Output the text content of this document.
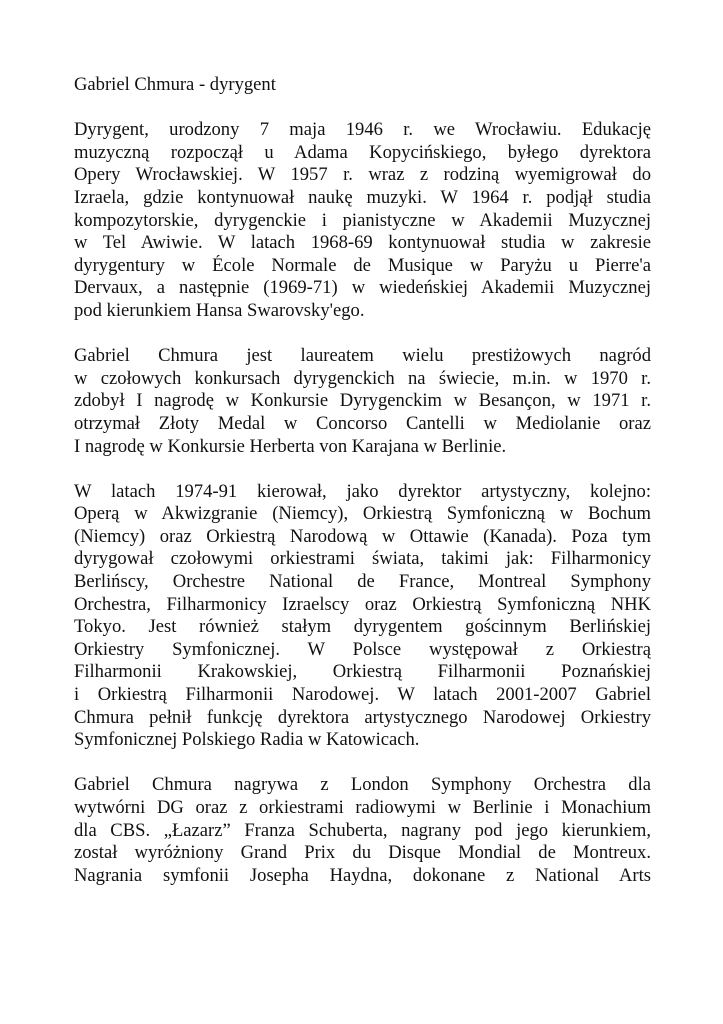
Gabriel Chmura - dyrygent
Dyrygent, urodzony 7 maja 1946 r. we Wrocławiu. Edukację
muzyczną rozpoczął u Adama Kopycińskiego, byłego dyrektora
Opery Wrocławskiej. W 1957 r. wraz z rodziną wyemigrował do
Izraela, gdzie kontynuował naukę muzyki. W 1964 r. podjął studia
kompozytorskie, dyrygenckie i pianistyczne w Akademii Muzycznej
w Tel Awiwie. W latach 1968-69 kontynuował studia w zakresie
dyrygentury w École Normale de Musique w Paryżu u Pierre'a
Dervaux, a następnie (1969-71) w wiedeńskiej Akademii Muzycznej
pod kierunkiem Hansa Swarovsky'ego.
Gabriel Chmura jest laureatem wielu prestiżowych nagród
w czołowych konkursach dyrygenckich na świecie, m.in. w 1970 r.
zdobył I nagrodę w Konkursie Dyrygenckim w Besançon, w 1971 r.
otrzymał Złoty Medal w Concorso Cantelli w Mediolanie oraz
I nagrodę w Konkursie Herberta von Karajana w Berlinie.
W latach 1974-91 kierował, jako dyrektor artystyczny, kolejno:
Operą w Akwizgranie (Niemcy), Orkiestrą Symfoniczną w Bochum
(Niemcy) oraz Orkiestrą Narodową w Ottawie (Kanada). Poza tym
dyrygował czołowymi orkiestrami świata, takimi jak: Filharmonicy
Berlińscy, Orchestre National de France, Montreal Symphony
Orchestra, Filharmonicy Izraelscy oraz Orkiestrą Symfoniczną NHK
Tokyo. Jest również stałym dyrygentem gościnnym Berlińskiej
Orkiestry Symfonicznej. W Polsce występował z Orkiestrą
Filharmonii Krakowskiej, Orkiestrą Filharmonii Poznańskiej
i Orkiestrą Filharmonii Narodowej. W latach 2001-2007 Gabriel
Chmura pełnił funkcję dyrektora artystycznego Narodowej Orkiestry
Symfonicznej Polskiego Radia w Katowicach.
Gabriel Chmura nagrywa z London Symphony Orchestra dla
wytwórni DG oraz z orkiestrami radiowymi w Berlinie i Monachium
dla CBS. „Łazarz” Franza Schuberta, nagrany pod jego kierunkiem,
został wyróżniony Grand Prix du Disque Mondial de Montreux.
Nagrania symfonii Josepha Haydna, dokonane z National Arts
